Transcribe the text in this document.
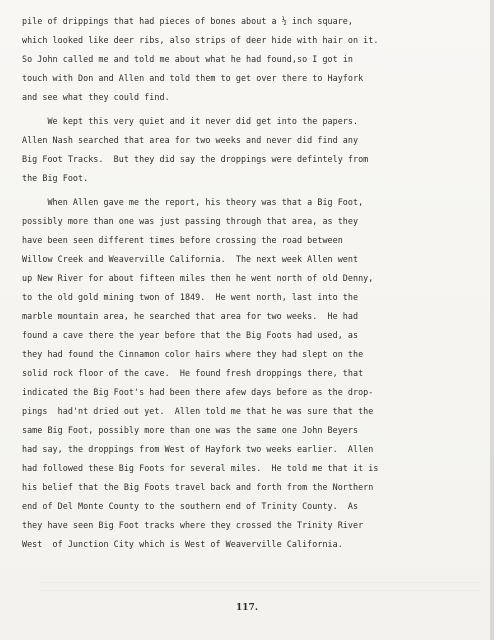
pile of drippings that had pieces of bones about a ½ inch square,
which looked like deer ribs, also strips of deer hide with hair on it.
So John called me and told me about what he had found,so I got in
touch with Don and Allen and told them to get over there to Hayfork
and see what they could find.
We kept this very quiet and it never did get into the papers.
Allen Nash searched that area for two weeks and never did find any
Big Foot Tracks.  But they did say the droppings were defintely from
the Big Foot.
When Allen gave me the report, his theory was that a Big Foot,
possibly more than one was just passing through that area, as they
have been seen different times before crossing the road between
Willow Creek and Weaverville California.  The next week Allen went
up New River for about fifteen miles then he went north of old Denny,
to the old gold mining twon of 1849.  He went north, last into the
marble mountain area, he searched that area for two weeks.  He had
found a cave there the year before that the Big Foots had used, as
they had found the Cinnamon color hairs where they had slept on the
solid rock floor of the cave.  He found fresh droppings there, that
indicated the Big Foot's had been there afew days before as the drop-
pings  had'nt dried out yet.  Allen told me that he was sure that the
same Big Foot, possibly more than one was the same one John Beyers
had say, the droppings from West of Hayfork two weeks earlier.  Allen
had followed these Big Foots for several miles.  He told me that it is
his belief that the Big Foots travel back and forth from the Northern
end of Del Monte County to the southern end of Trinity County.  As
they have seen Big Foot tracks where they crossed the Trinity River
West  of Junction City which is West of Weaverville California.
117.
